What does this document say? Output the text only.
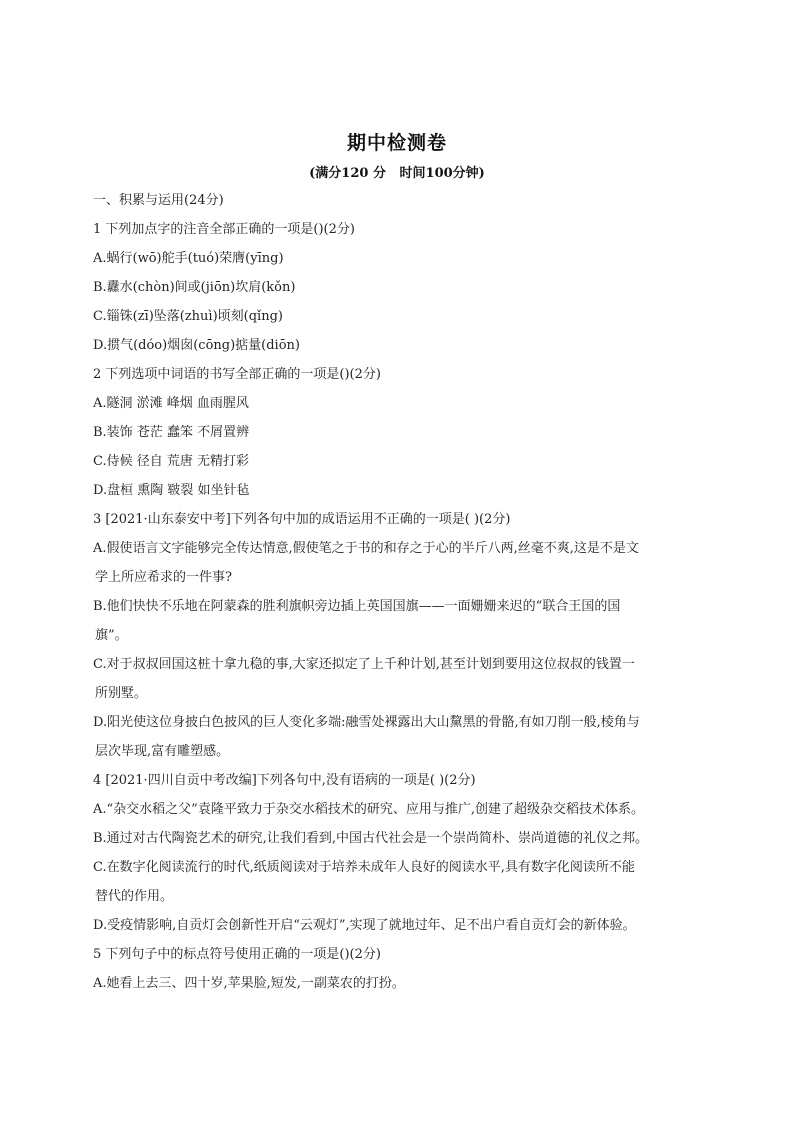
期中检测卷
(满分120 分   时间100分钟)
一、积累与运用(24分)
1 下列加点字的注音全部正确的一项是()(2分)
A.蜗行(wō)舵手(tuó)荣膺(yīng)
B.纛水(chòn)间或(jiōn)坎肩(kǒn)
C.锱铢(zī)坠落(zhuì)顷刻(qǐng)
D.掼气(dóo)烟囱(cōng)掂量(diōn)
2 下列选项中词语的书写全部正确的一项是()(2分)
A.隧洞 淤滩 峰烟 血雨腥风
B.装饰 苍茫 蠢笨 不屑置辨
C.侍候 径自 荒唐 无精打彩
D.盘桓 熏陶 皲裂 如坐针毡
3 [2021·山东泰安中考]下列各句中加的成语运用不正确的一项是( )(2分)
A.假使语言文字能够完全传达情意,假使笔之于书的和存之于心的半斤八两,丝毫不爽,这是不是文
学上所应希求的一件事?
B.他们快快不乐地在阿蒙森的胜利旗帜旁边插上英国国旗——一面姗姗来迟的“联合王国的国
旗”。
C.对于叔叔回国这桩十拿九稳的事,大家还拟定了上千种计划,甚至计划到要用这位叔叔的钱置一
所别墅。
D.阳光使这位身披白色披风的巨人变化多端:融雪处裸露出大山黧黑的骨骼,有如刀削一般,棱角与
层次毕现,富有雕塑感。
4 [2021·四川自贡中考改编]下列各句中,没有语病的一项是( )(2分)
A.“杂交水稻之父”袁隆平致力于杂交水稻技术的研究、应用与推广,创建了超级杂交稻技术体系。
B.通过对古代陶瓷艺术的研究,让我们看到,中国古代社会是一个崇尚简朴、崇尚道德的礼仪之邦。
C.在数字化阅读流行的时代,纸质阅读对于培养未成年人良好的阅读水平,具有数字化阅读所不能
替代的作用。
D.受疫情影响,自贡灯会创新性开启“云观灯”,实现了就地过年、足不出户看自贡灯会的新体验。
5 下列句子中的标点符号使用正确的一项是()(2分)
A.她看上去三、四十岁,苹果脸,短发,一副菜农的打扮。
